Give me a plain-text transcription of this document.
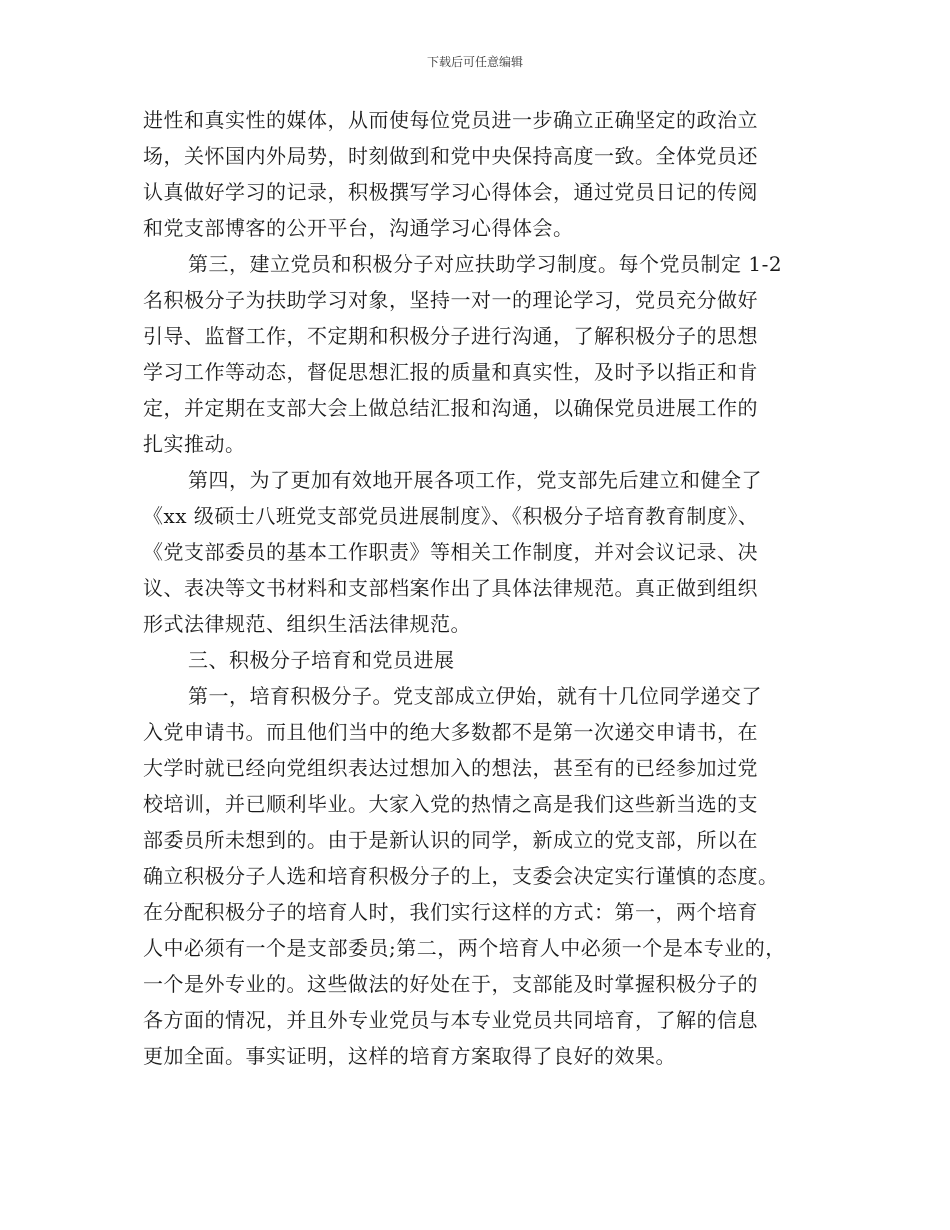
下载后可任意编辑
进性和真实性的媒体，从而使每位党员进一步确立正确坚定的政治立
场，关怀国内外局势，时刻做到和党中央保持高度一致。全体党员还
认真做好学习的记录，积极撰写学习心得体会，通过党员日记的传阅
和党支部博客的公开平台，沟通学习心得体会。
第三，建立党员和积极分子对应扶助学习制度。每个党员制定 1-2
名积极分子为扶助学习对象，坚持一对一的理论学习，党员充分做好
引导、监督工作，不定期和积极分子进行沟通，了解积极分子的思想
学习工作等动态，督促思想汇报的质量和真实性，及时予以指正和肯
定，并定期在支部大会上做总结汇报和沟通，以确保党员进展工作的
扎实推动。
第四，为了更加有效地开展各项工作，党支部先后建立和健全了
《xx 级硕士八班党支部党员进展制度》、《积极分子培育教育制度》、
《党支部委员的基本工作职责》等相关工作制度，并对会议记录、决
议、表决等文书材料和支部档案作出了具体法律规范。真正做到组织
形式法律规范、组织生活法律规范。
三、积极分子培育和党员进展
第一，培育积极分子。党支部成立伊始，就有十几位同学递交了
入党申请书。而且他们当中的绝大多数都不是第一次递交申请书，在
大学时就已经向党组织表达过想加入的想法，甚至有的已经参加过党
校培训，并已顺利毕业。大家入党的热情之高是我们这些新当选的支
部委员所未想到的。由于是新认识的同学，新成立的党支部，所以在
确立积极分子人选和培育积极分子的上，支委会决定实行谨慎的态度。
在分配积极分子的培育人时，我们实行这样的方式：第一，两个培育
人中必须有一个是支部委员;第二，两个培育人中必须一个是本专业的，
一个是外专业的。这些做法的好处在于，支部能及时掌握积极分子的
各方面的情况，并且外专业党员与本专业党员共同培育，了解的信息
更加全面。事实证明，这样的培育方案取得了良好的效果。
